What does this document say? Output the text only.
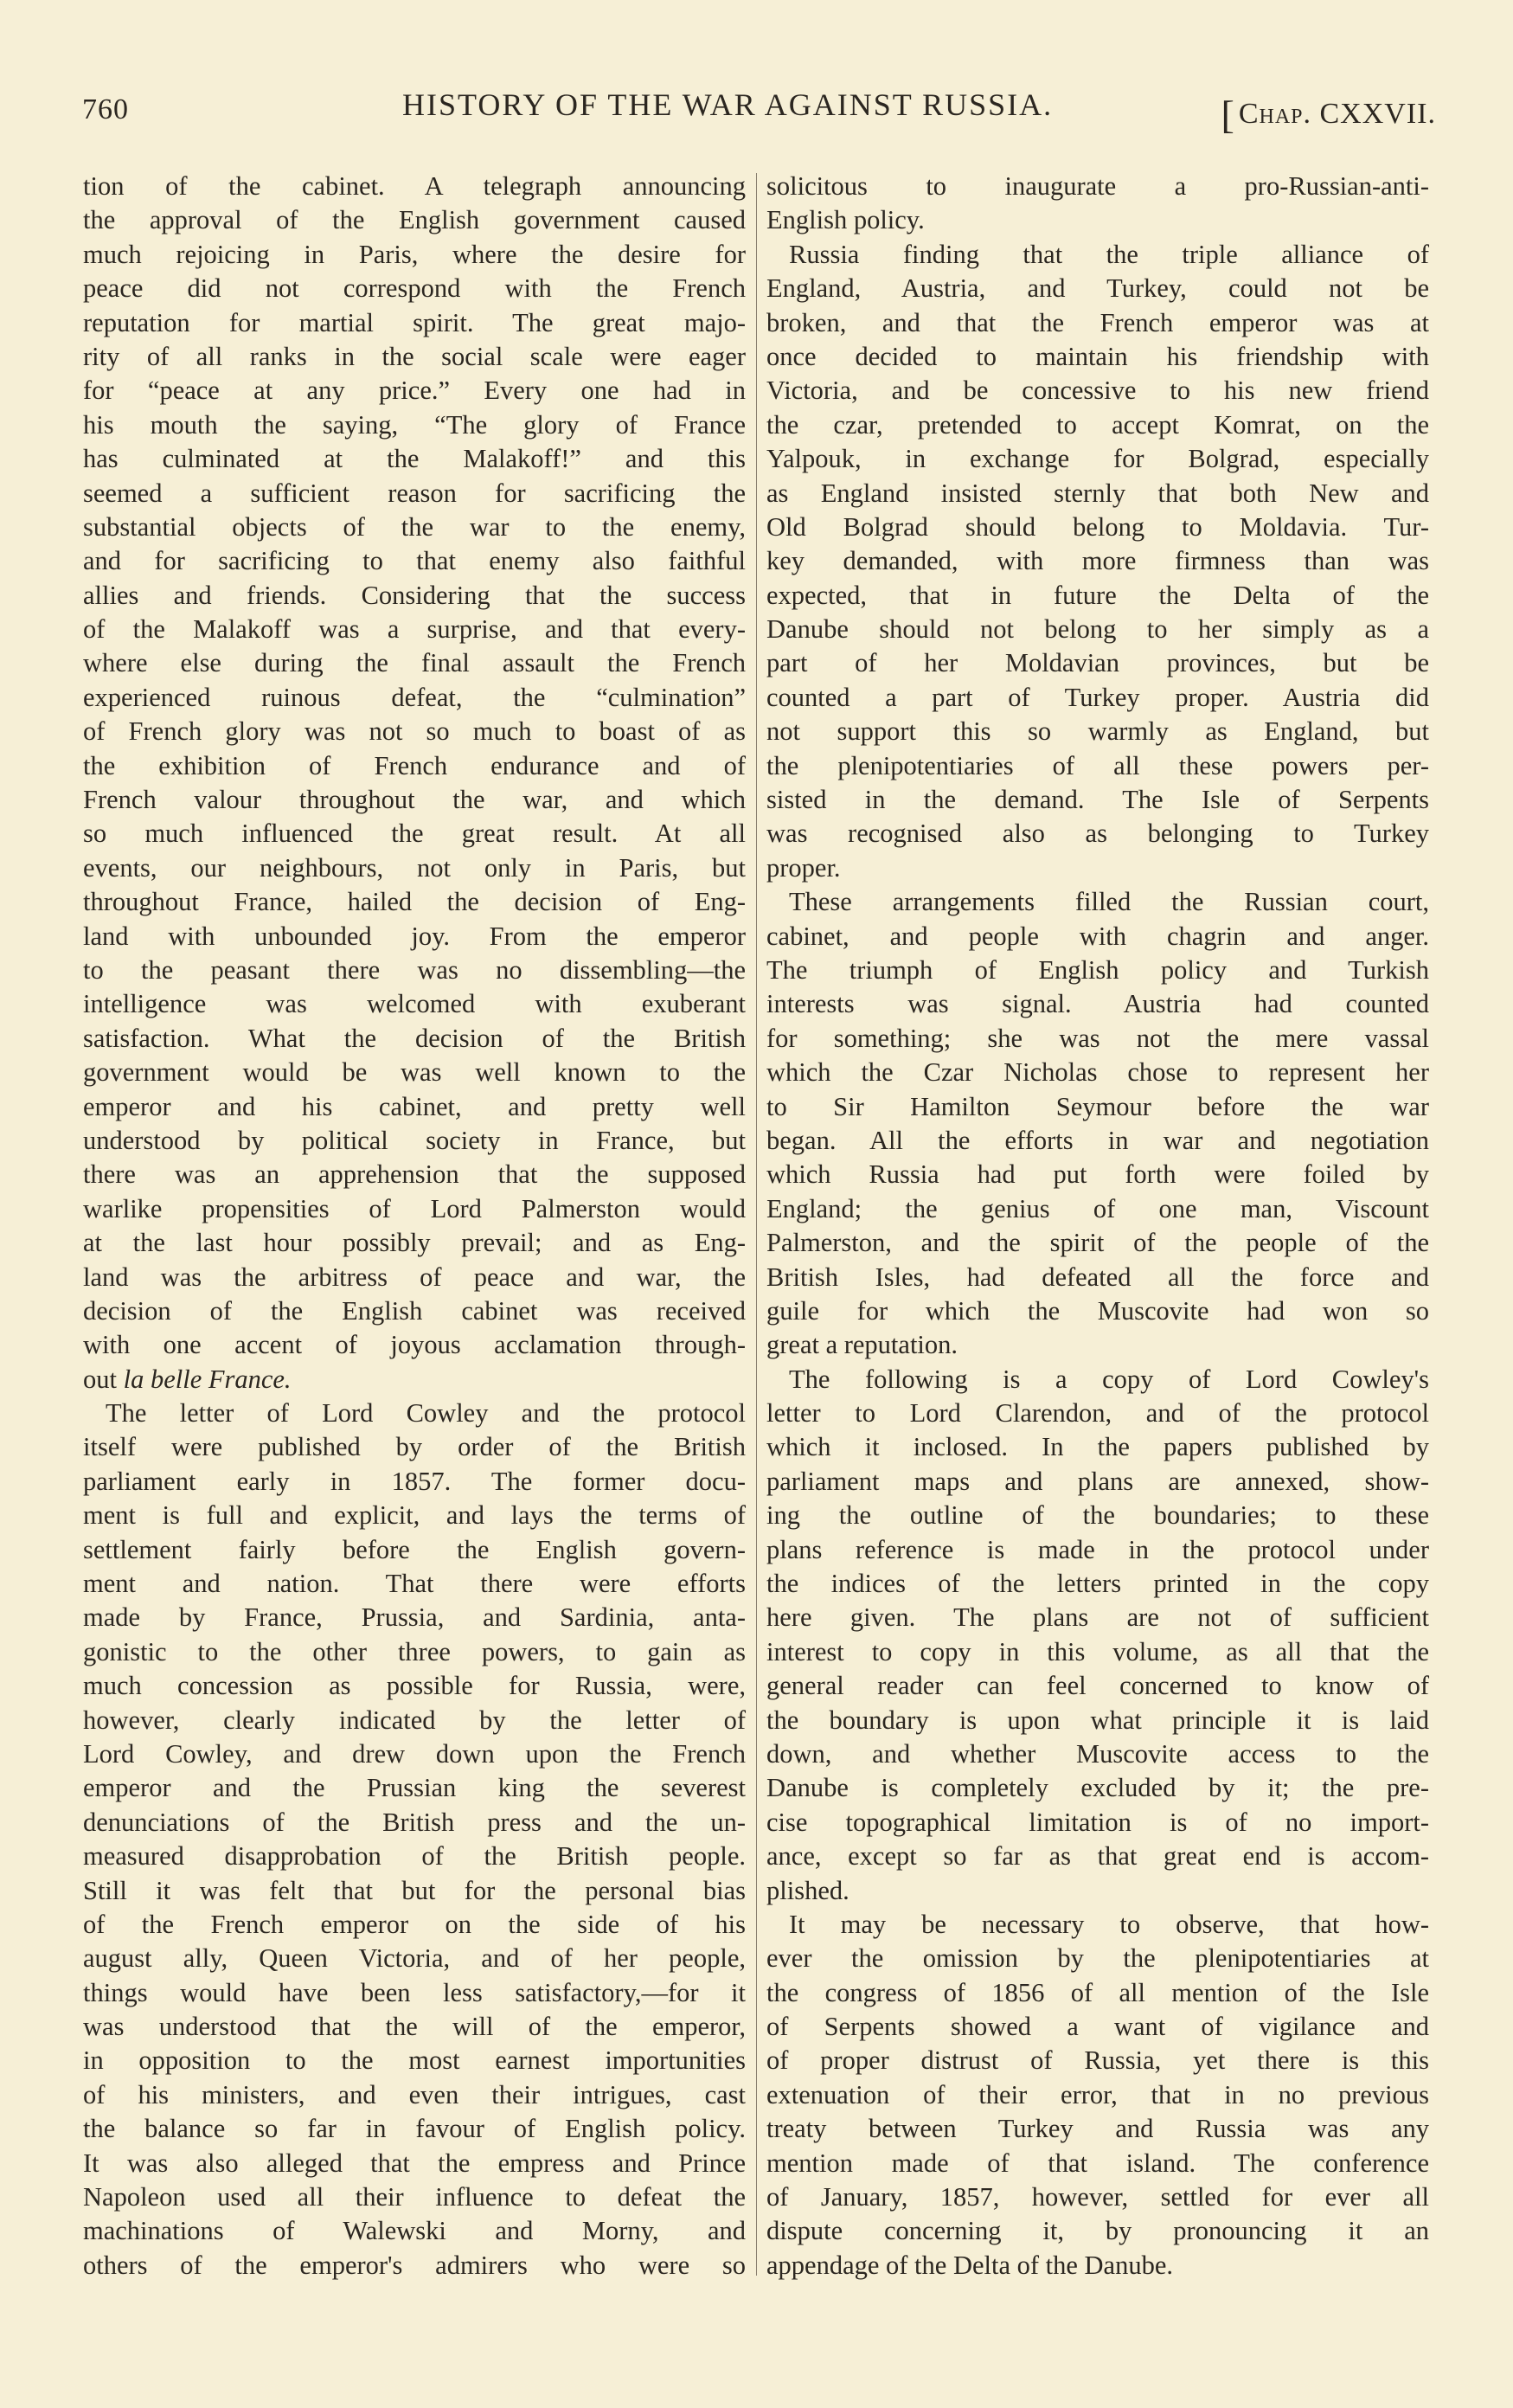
760	HISTORY OF THE WAR AGAINST RUSSIA.	[ Chap. CXXVII.
tion of the cabinet. A telegraph announcing
the approval of the English government caused
much rejoicing in Paris, where the desire for
peace did not correspond with the French
reputation for martial spirit. The great majo-
rity of all ranks in the social scale were eager
for “peace at any price.” Every one had in
his mouth the saying, “The glory of France
has culminated at the Malakoff!” and this
seemed a sufficient reason for sacrificing the
substantial objects of the war to the enemy,
and for sacrificing to that enemy also faithful
allies and friends. Considering that the success
of the Malakoff was a surprise, and that every-
where else during the final assault the French
experienced ruinous defeat, the “culmination”
of French glory was not so much to boast of as
the exhibition of French endurance and of
French valour throughout the war, and which
so much influenced the great result. At all
events, our neighbours, not only in Paris, but
throughout France, hailed the decision of Eng-
land with unbounded joy. From the emperor
to the peasant there was no dissembling—the
intelligence was welcomed with exuberant
satisfaction. What the decision of the British
government would be was well known to the
emperor and his cabinet, and pretty well
understood by political society in France, but
there was an apprehension that the supposed
warlike propensities of Lord Palmerston would
at the last hour possibly prevail; and as Eng-
land was the arbitress of peace and war, the
decision of the English cabinet was received
with one accent of joyous acclamation through-
out la belle France.
The letter of Lord Cowley and the protocol
itself were published by order of the British
parliament early in 1857. The former docu-
ment is full and explicit, and lays the terms of
settlement fairly before the English govern-
ment and nation. That there were efforts
made by France, Prussia, and Sardinia, anta-
gonistic to the other three powers, to gain as
much concession as possible for Russia, were,
however, clearly indicated by the letter of
Lord Cowley, and drew down upon the French
emperor and the Prussian king the severest
denunciations of the British press and the un-
measured disapprobation of the British people.
Still it was felt that but for the personal bias
of the French emperor on the side of his
august ally, Queen Victoria, and of her people,
things would have been less satisfactory,—for it
was understood that the will of the emperor,
in opposition to the most earnest importunities
of his ministers, and even their intrigues, cast
the balance so far in favour of English policy.
It was also alleged that the empress and Prince
Napoleon used all their influence to defeat the
machinations of Walewski and Morny, and
others of the emperor's admirers who were so
solicitous to inaugurate a pro-Russian-anti-
English policy.
Russia finding that the triple alliance of
England, Austria, and Turkey, could not be
broken, and that the French emperor was at
once decided to maintain his friendship with
Victoria, and be concessive to his new friend
the czar, pretended to accept Komrat, on the
Yalpouk, in exchange for Bolgrad, especially
as England insisted sternly that both New and
Old Bolgrad should belong to Moldavia. Tur-
key demanded, with more firmness than was
expected, that in future the Delta of the
Danube should not belong to her simply as a
part of her Moldavian provinces, but be
counted a part of Turkey proper. Austria did
not support this so warmly as England, but
the plenipotentiaries of all these powers per-
sisted in the demand. The Isle of Serpents
was recognised also as belonging to Turkey
proper.
These arrangements filled the Russian court,
cabinet, and people with chagrin and anger.
The triumph of English policy and Turkish
interests was signal. Austria had counted
for something; she was not the mere vassal
which the Czar Nicholas chose to represent her
to Sir Hamilton Seymour before the war
began. All the efforts in war and negotiation
which Russia had put forth were foiled by
England; the genius of one man, Viscount
Palmerston, and the spirit of the people of the
British Isles, had defeated all the force and
guile for which the Muscovite had won so
great a reputation.
The following is a copy of Lord Cowley's
letter to Lord Clarendon, and of the protocol
which it inclosed. In the papers published by
parliament maps and plans are annexed, show-
ing the outline of the boundaries; to these
plans reference is made in the protocol under
the indices of the letters printed in the copy
here given. The plans are not of sufficient
interest to copy in this volume, as all that the
general reader can feel concerned to know of
the boundary is upon what principle it is laid
down, and whether Muscovite access to the
Danube is completely excluded by it; the pre-
cise topographical limitation is of no import-
ance, except so far as that great end is accom-
plished.
It may be necessary to observe, that how-
ever the omission by the plenipotentiaries at
the congress of 1856 of all mention of the Isle
of Serpents showed a want of vigilance and
of proper distrust of Russia, yet there is this
extenuation of their error, that in no previous
treaty between Turkey and Russia was any
mention made of that island. The conference
of January, 1857, however, settled for ever all
dispute concerning it, by pronouncing it an
appendage of the Delta of the Danube.
